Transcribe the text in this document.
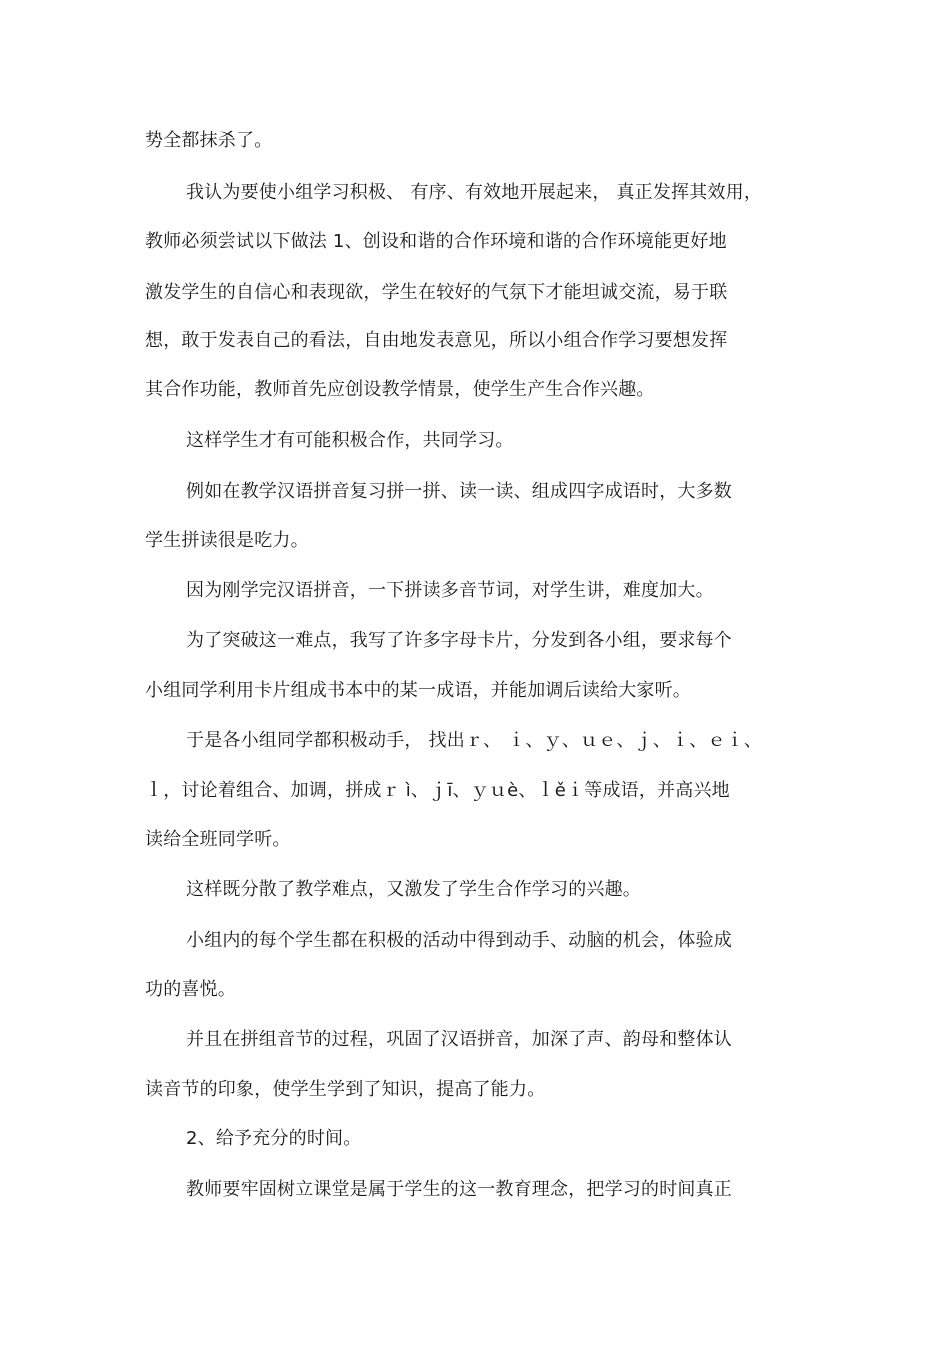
势全都抹杀了。
我认为要使小组学习积极、 有序、有效地开展起来， 真正发挥其效用，
教师必须尝试以下做法 1、创设和谐的合作环境和谐的合作环境能更好地
激发学生的自信心和表现欲，学生在较好的气氛下才能坦诚交流，易于联
想，敢于发表自己的看法，自由地发表意见，所以小组合作学习要想发挥
其合作功能，教师首先应创设教学情景，使学生产生合作兴趣。
这样学生才有可能积极合作，共同学习。
例如在教学汉语拼音复习拼一拼、读一读、组成四字成语时，大多数
学生拼读很是吃力。
因为刚学完汉语拼音，一下拼读多音节词，对学生讲，难度加大。
为了突破这一难点，我写了许多字母卡片，分发到各小组，要求每个
小组同学利用卡片组成书本中的某一成语，并能加调后读给大家听。
于是各小组同学都积极动手， 找出ｒ、 ｉ、ｙ、ｕｅ、ｊ、ｉ、ｅｉ、
ｌ，讨论着组合、加调，拼成ｒ ì、ｊī、ｙｕè、ｌěｉ等成语，并高兴地
读给全班同学听。
这样既分散了教学难点，又激发了学生合作学习的兴趣。
小组内的每个学生都在积极的活动中得到动手、动脑的机会，体验成
功的喜悦。
并且在拼组音节的过程，巩固了汉语拼音，加深了声、韵母和整体认
读音节的印象，使学生学到了知识，提高了能力。
2、给予充分的时间。
教师要牢固树立课堂是属于学生的这一教育理念，把学习的时间真正
